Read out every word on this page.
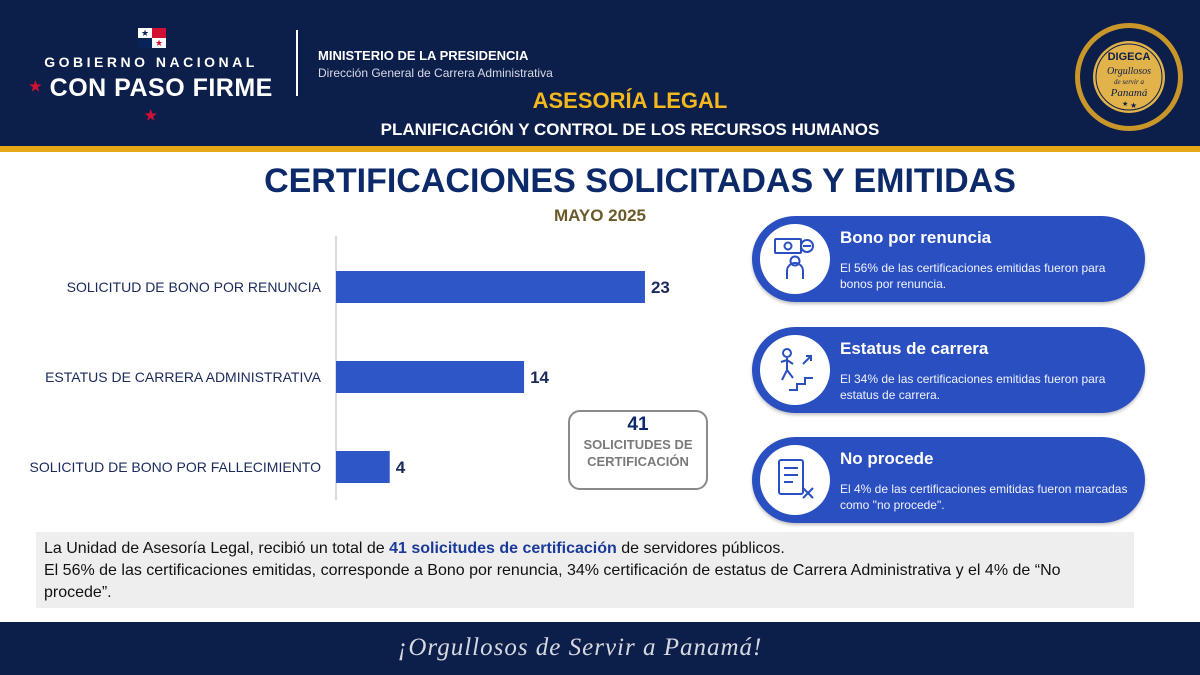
★
★
GOBIERNO NACIONAL
★ CON PASO FIRME ★
MINISTERIO DE LA PRESIDENCIA
Dirección General de Carrera Administrativa
ASESORÍA LEGAL
PLANIFICACIÓN Y CONTROL DE LOS RECURSOS HUMANOS
DIGECA
Orgullosos
de servir a
Panamá
★ ★
CERTIFICACIONES SOLICITADAS Y EMITIDAS
MAYO 2025
SOLICITUD DE BONO POR RENUNCIA	23
ESTATUS DE CARRERA ADMINISTRATIVA	14
SOLICITUD DE BONO POR FALLECIMIENTO	4
41
SOLICITUDES DE CERTIFICACIÓN
Bono por renuncia
El 56% de las certificaciones emitidas fueron para bonos por renuncia.
Estatus de carrera
El 34% de las certificaciones emitidas fueron para estatus de carrera.
No procede
El 4% de las certificaciones emitidas fueron marcadas como "no procede".
La Unidad de Asesoría Legal, recibió un total de 41 solicitudes de certificación de servidores públicos.
El 56% de las certificaciones emitidas, corresponde a Bono por renuncia, 34% certificación de estatus de Carrera Administrativa y el 4% de “No procede”.
¡Orgullosos de Servir a Panamá!
